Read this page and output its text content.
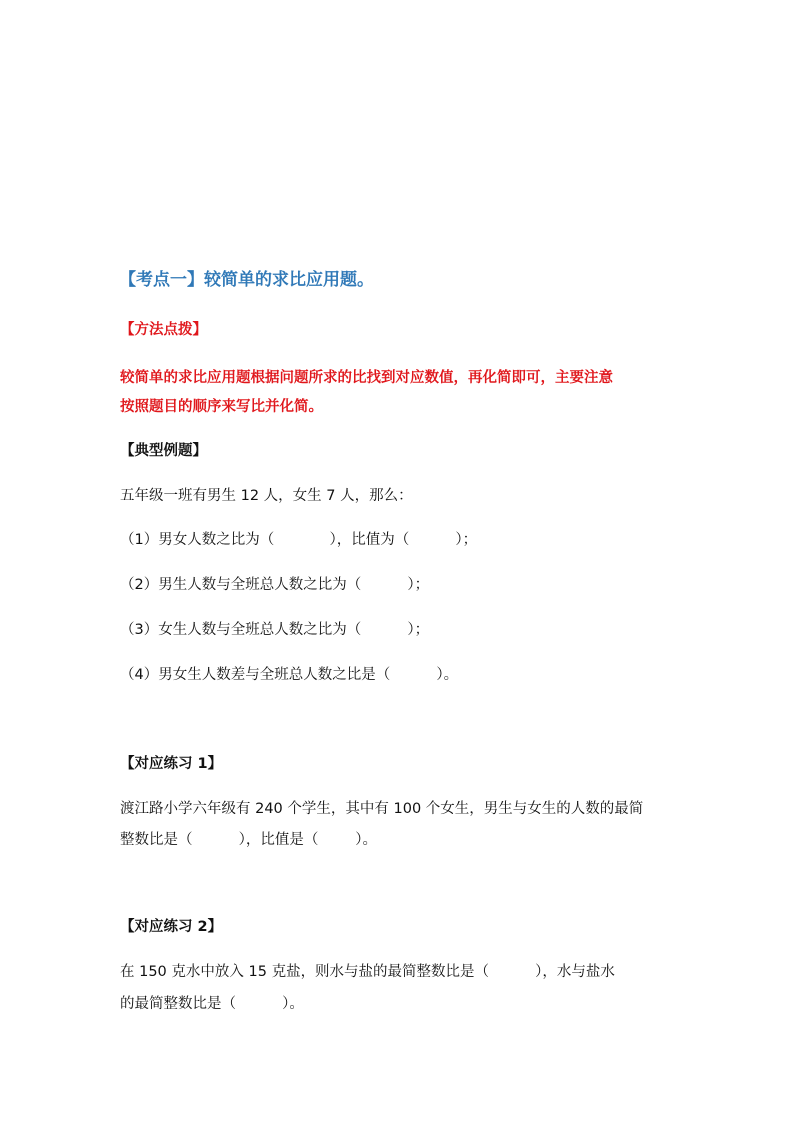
【考点一】较简单的求比应用题。
【方法点拨】
较简单的求比应用题根据问题所求的比找到对应数值，再化简即可，主要注意
按照题目的顺序来写比并化简。
【典型例题】
五年级一班有男生 12 人，女生 7 人，那么：
（1）男女人数之比为（            ），比值为（          ）；
（2）男生人数与全班总人数之比为（          ）；
（3）女生人数与全班总人数之比为（          ）；
（4）男女生人数差与全班总人数之比是（          ）。
【对应练习 1】
渡江路小学六年级有 240 个学生，其中有 100 个女生，男生与女生的人数的最简
整数比是（          ），比值是（        ）。
【对应练习 2】
在 150 克水中放入 15 克盐，则水与盐的最简整数比是（          ），水与盐水
的最简整数比是（          ）。
